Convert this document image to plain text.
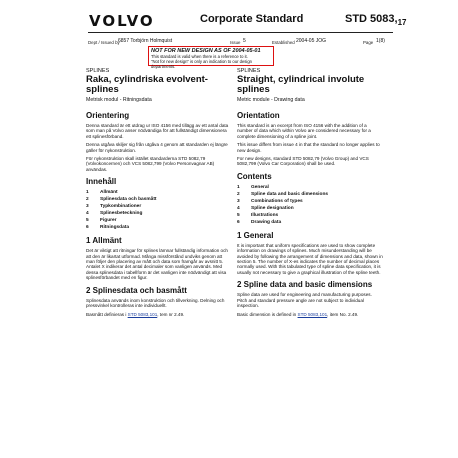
VOLVO	Corporate Standard	STD $5083,_{17}$
Dept / Issued by
6857 Torbjörn Holmquist	Issue 5	Established 2004-05 JOG	Page 1(8)
NOT FOR NEW DESIGN AS OF 2004-05-01
This standard is valid when there is a reference to it.
"Not for new design" is only an indication to our design departments.

SPLINES

Raka, cylindriska evolvent-splines
Metrisk modul - Ritningsdata
Orientering

Denna standard är ett utdrag ur ISO 4156 med tillägg av ett antal data som man på Volvo anser nödvändiga för att fullständigt dimensionera ett splinesförband.

Denna utgåva skiljer sig från utgåva 4 genom att standarden ej längre gäller för nykonstruktion.

För nykonstruktion skall istället standarderna STD 5082,79 (Volvokoncernen) och VCS 5082,799 (Volvo Personvagnar AB) användas.

Innehåll
1	Allmänt
2	Splinesdata och basmått
3	Typkombinationer
4	Splinesbeteckning
5	Figurer
6	Ritningsdata
1 Allmänt

Det är viktigt att ritningar för splines lämnar fullständig information och att den är likartat utformad. Många missförstånd undviks genom att man följer den placering av mått och data som framgår av avsnitt 5. Antalet X indikerar det antal decimaler som vanligen används. Med dessa splinesdata i tabellform är det vanligen inte nödvändigt att visa splinesförbandet med en figur.

2 Splinesdata och basmått

Splinesdata används inom konstruktion och tillverkning. Delning och pressvinkel kontrolleras inte individuellt.

Basmått definieras i STD 5083,101, tem nr 2.49.

SPLINES

Straight, cylindrical involute splines
Metric module - Drawing data
Orientation

This standard is an excerpt from ISO 4156 with the addition of a number of data which within Volvo are considered necessary for a complete dimensioning of a spline joint.

This issue differs from issue 4 in that the standard no longer applies to new design.

For new designs, standard STD 5082,79 (Volvo Group) and VCS 5082,799 (Volvo Car Corporation) shall be used.

Contents
1	General
2	Spline data and basic dimensions
3	Combinations of types
4	Spline designation
5	Illustrations
6	Drawing data
1 General

It is important that uniform specifications are used to show complete information on drawings of splines. Much misunderstanding will be avoided by following the arrangement of dimensions and data, shown in section 5. The number of X-es indicates the number of decimal places normally used. With this tabulated type of spline data specification, it is usually not necessary to give a graphical illustration of the spline teeth.

2 Spline data and basic dimensions

Spline data are used for engineering and manufacturing purposes. Pitch and standard pressure angle are not subject to individual inspection.

Basic dimension is defined in STD 5083,101, item No. 2.49.
